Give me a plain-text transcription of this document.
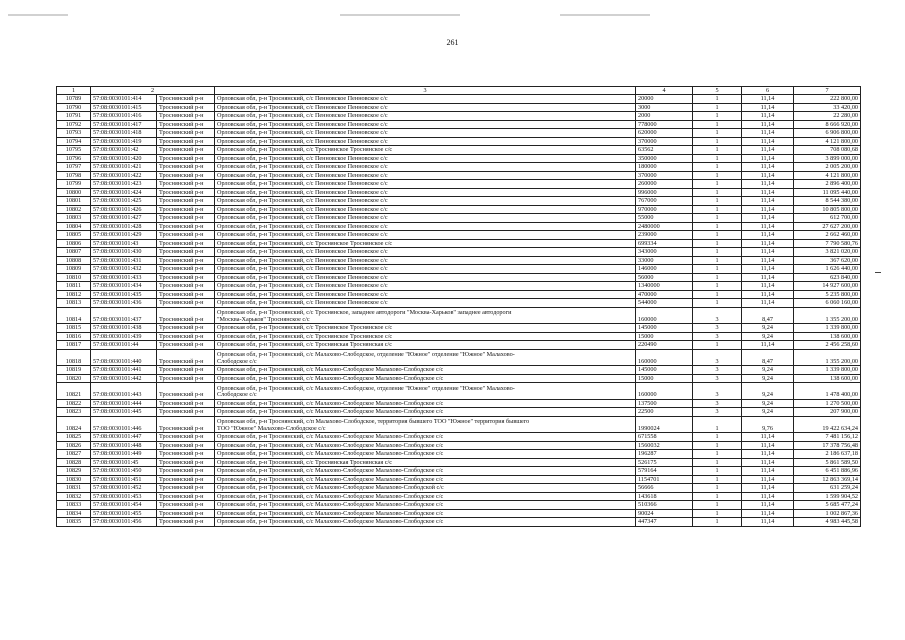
261
1	2		3	4	5	6	7
10789	57:08:0030101:414	Троснянский р-н	Орловская обл, р-н Троснянский, с/с Пенновское Пенновское с/с	20000	1	11,14	222 800,00
10790	57:08:0030101:415	Троснянский р-н	Орловская обл, р-н Троснянский, с/с Пенновское Пенновское с/с	3000	1	11,14	33 420,00
10791	57:08:0030101:416	Троснянский р-н	Орловская обл, р-н Троснянский, с/с Пенновское Пенновское с/с	2000	1	11,14	22 280,00
10792	57:08:0030101:417	Троснянский р-н	Орловская обл, р-н Троснянский, с/с Пенновское Пенновское с/с	778000	1	11,14	8 666 920,00
10793	57:08:0030101:418	Троснянский р-н	Орловская обл, р-н Троснянский, с/с Пенновское Пенновское с/с	620000	1	11,14	6 906 800,00
10794	57:08:0030101:419	Троснянский р-н	Орловская обл, р-н Троснянский, с/с Пенновское Пенновское с/с	370000	1	11,14	4 121 800,00
10795	57:08:0030101:42	Троснянский р-н	Орловская обл, р-н Троснянский, с/с Троснянское Троснянское с/с	63562	1	11,14	708 080,68
10796	57:08:0030101:420	Троснянский р-н	Орловская обл, р-н Троснянский, с/с Пенновское Пенновское с/с	350000	1	11,14	3 899 000,00
10797	57:08:0030101:421	Троснянский р-н	Орловская обл, р-н Троснянский, с/с Пенновское Пенновское с/с	180000	1	11,14	2 005 200,00
10798	57:08:0030101:422	Троснянский р-н	Орловская обл, р-н Троснянский, с/с Пенновское Пенновское с/с	370000	1	11,14	4 121 800,00
10799	57:08:0030101:423	Троснянский р-н	Орловская обл, р-н Троснянский, с/с Пенновское Пенновское с/с	260000	1	11,14	2 896 400,00
10800	57:08:0030101:424	Троснянский р-н	Орловская обл, р-н Троснянский, с/с Пенновское Пенновское с/с	996000	1	11,14	11 095 440,00
10801	57:08:0030101:425	Троснянский р-н	Орловская обл, р-н Троснянский, с/с Пенновское Пенновское с/с	767000	1	11,14	8 544 380,00
10802	57:08:0030101:426	Троснянский р-н	Орловская обл, р-н Троснянский, с/с Пенновское Пенновское с/с	970000	1	11,14	10 805 800,00
10803	57:08:0030101:427	Троснянский р-н	Орловская обл, р-н Троснянский, с/с Пенновское Пенновское с/с	55000	1	11,14	612 700,00
10804	57:08:0030101:428	Троснянский р-н	Орловская обл, р-н Троснянский, с/с Пенновское Пенновское с/с	2480000	1	11,14	27 627 200,00
10805	57:08:0030101:429	Троснянский р-н	Орловская обл, р-н Троснянский, с/с Пенновское Пенновское с/с	239000	1	11,14	2 662 460,00
10806	57:08:0030101:43	Троснянский р-н	Орловская обл, р-н Троснянский, с/с Троснянское Троснянское с/с	699334	1	11,14	7 790 580,76
10807	57:08:0030101:430	Троснянский р-н	Орловская обл, р-н Троснянский, с/с Пенновское Пенновское с/с	343000	1	11,14	3 821 020,00
10808	57:08:0030101:431	Троснянский р-н	Орловская обл, р-н Троснянский, с/с Пенновское Пенновское с/с	33000	1	11,14	367 620,00
10809	57:08:0030101:432	Троснянский р-н	Орловская обл, р-н Троснянский, с/с Пенновское Пенновское с/с	146000	1	11,14	1 626 440,00
10810	57:08:0030101:433	Троснянский р-н	Орловская обл, р-н Троснянский, с/с Пенновское Пенновское с/с	56000	1	11,14	623 840,00
10811	57:08:0030101:434	Троснянский р-н	Орловская обл, р-н Троснянский, с/с Пенновское Пенновское с/с	1340000	1	11,14	14 927 600,00
10812	57:08:0030101:435	Троснянский р-н	Орловская обл, р-н Троснянский, с/с Пенновское Пенновское с/с	470000	1	11,14	5 235 800,00
10813	57:08:0030101:436	Троснянский р-н	Орловская обл, р-н Троснянский, с/с Пенновское Пенновское с/с	544000	1	11,14	6 060 160,00
10814	57:08:0030101:437	Троснянский р-н	Орловская обл, р-н Троснянский, с/с Троснянское, западнее автодороги "Москва-Харьков" западнее автодороги
"Москва-Харьков" Троснянское с/с	160000	3	8,47	1 355 200,00
10815	57:08:0030101:438	Троснянский р-н	Орловская обл, р-н Троснянский, с/с Троснянское Троснянское с/с	145000	3	9,24	1 339 800,00
10816	57:08:0030101:439	Троснянский р-н	Орловская обл, р-н Троснянский, с/с Троснянское Троснянское с/с	15000	3	9,24	138 600,00
10817	57:08:0030101:44	Троснянский р-н	Орловская обл, р-н Троснянский, с/с Троснянская Троснянская с/с	220490	1	11,14	2 456 258,60
10818	57:08:0030101:440	Троснянский р-н	Орловская обл, р-н Троснянский, с/с Малахово-Слободское, отделение "Южное" отделение "Южное" Малахово-
Слободское с/с	160000	3	8,47	1 355 200,00
10819	57:08:0030101:441	Троснянский р-н	Орловская обл, р-н Троснянский, с/с Малахово-Слободское Малахово-Слободское с/с	145000	3	9,24	1 339 800,00
10820	57:08:0030101:442	Троснянский р-н	Орловская обл, р-н Троснянский, с/с Малахово-Слободское Малахово-Слободское с/с	15000	3	9,24	138 600,00
10821	57:08:0030101:443	Троснянский р-н	Орловская обл, р-н Троснянский, с/с Малахово-Слободское, отделение "Южное" отделение "Южное" Малахово-
Слободское с/с	160000	3	9,24	1 478 400,00
10822	57:08:0030101:444	Троснянский р-н	Орловская обл, р-н Троснянский, с/с Малахово-Слободское Малахово-Слободское с/с	137500	3	9,24	1 270 500,00
10823	57:08:0030101:445	Троснянский р-н	Орловская обл, р-н Троснянский, с/с Малахово-Слободское Малахово-Слободское с/с	22500	3	9,24	207 900,00
10824	57:08:0030101:446	Троснянский р-н	Орловская обл, р-н Троснянский, с/п Малахово-Слободское, территория бывшего ТОО "Южное" территория бывшего
ТОО "Южное" Малахово-Слободское с/с	1990024	1	9,76	19 422 634,24
10825	57:08:0030101:447	Троснянский р-н	Орловская обл, р-н Троснянский, с/с Малахово-Слободское Малахово-Слободское с/с	671558	1	11,14	7 481 156,12
10826	57:08:0030101:448	Троснянский р-н	Орловская обл, р-н Троснянский, с/с Малахово-Слободское Малахово-Слободское с/с	1560032	1	11,14	17 378 756,48
10827	57:08:0030101:449	Троснянский р-н	Орловская обл, р-н Троснянский, с/с Малахово-Слободское Малахово-Слободское с/с	196287	1	11,14	2 186 637,18
10828	57:08:0030101:45	Троснянский р-н	Орловская обл, р-н Троснянский, с/с Троснянская Троснянская с/с	526175	1	11,14	5 861 589,50
10829	57:08:0030101:450	Троснянский р-н	Орловская обл, р-н Троснянский, с/с Малахово-Слободское Малахово-Слободское с/с	579164	1	11,14	6 451 886,96
10830	57:08:0030101:451	Троснянский р-н	Орловская обл, р-н Троснянский, с/с Малахово-Слободское Малахово-Слободское с/с	1154701	1	11,14	12 863 369,14
10831	57:08:0030101:452	Троснянский р-н	Орловская обл, р-н Троснянский, с/с Малахово-Слободское Малахово-Слободской с/с	56666	1	11,14	631 259,24
10832	57:08:0030101:453	Троснянский р-н	Орловская обл, р-н Троснянский, с/с Малахово-Слободское Малахово-Слободское с/с	143618	1	11,14	1 599 904,52
10833	57:08:0030101:454	Троснянский р-н	Орловская обл, р-н Троснянский, с/с Малахово-Слободское Малахово-Слободское с/с	510366	1	11,14	5 685 477,24
10834	57:08:0030101:455	Троснянский р-н	Орловская обл, р-н Троснянский, с/с Малахово-Слободское Малахово-Слободское с/с	90024	1	11,14	1 002 867,36
10835	57:08:0030101:456	Троснянский р-н	Орловская обл, р-н Троснянский, с/с Малахово-Слободское Малахово-Слободское с/с	447347	1	11,14	4 983 445,58
